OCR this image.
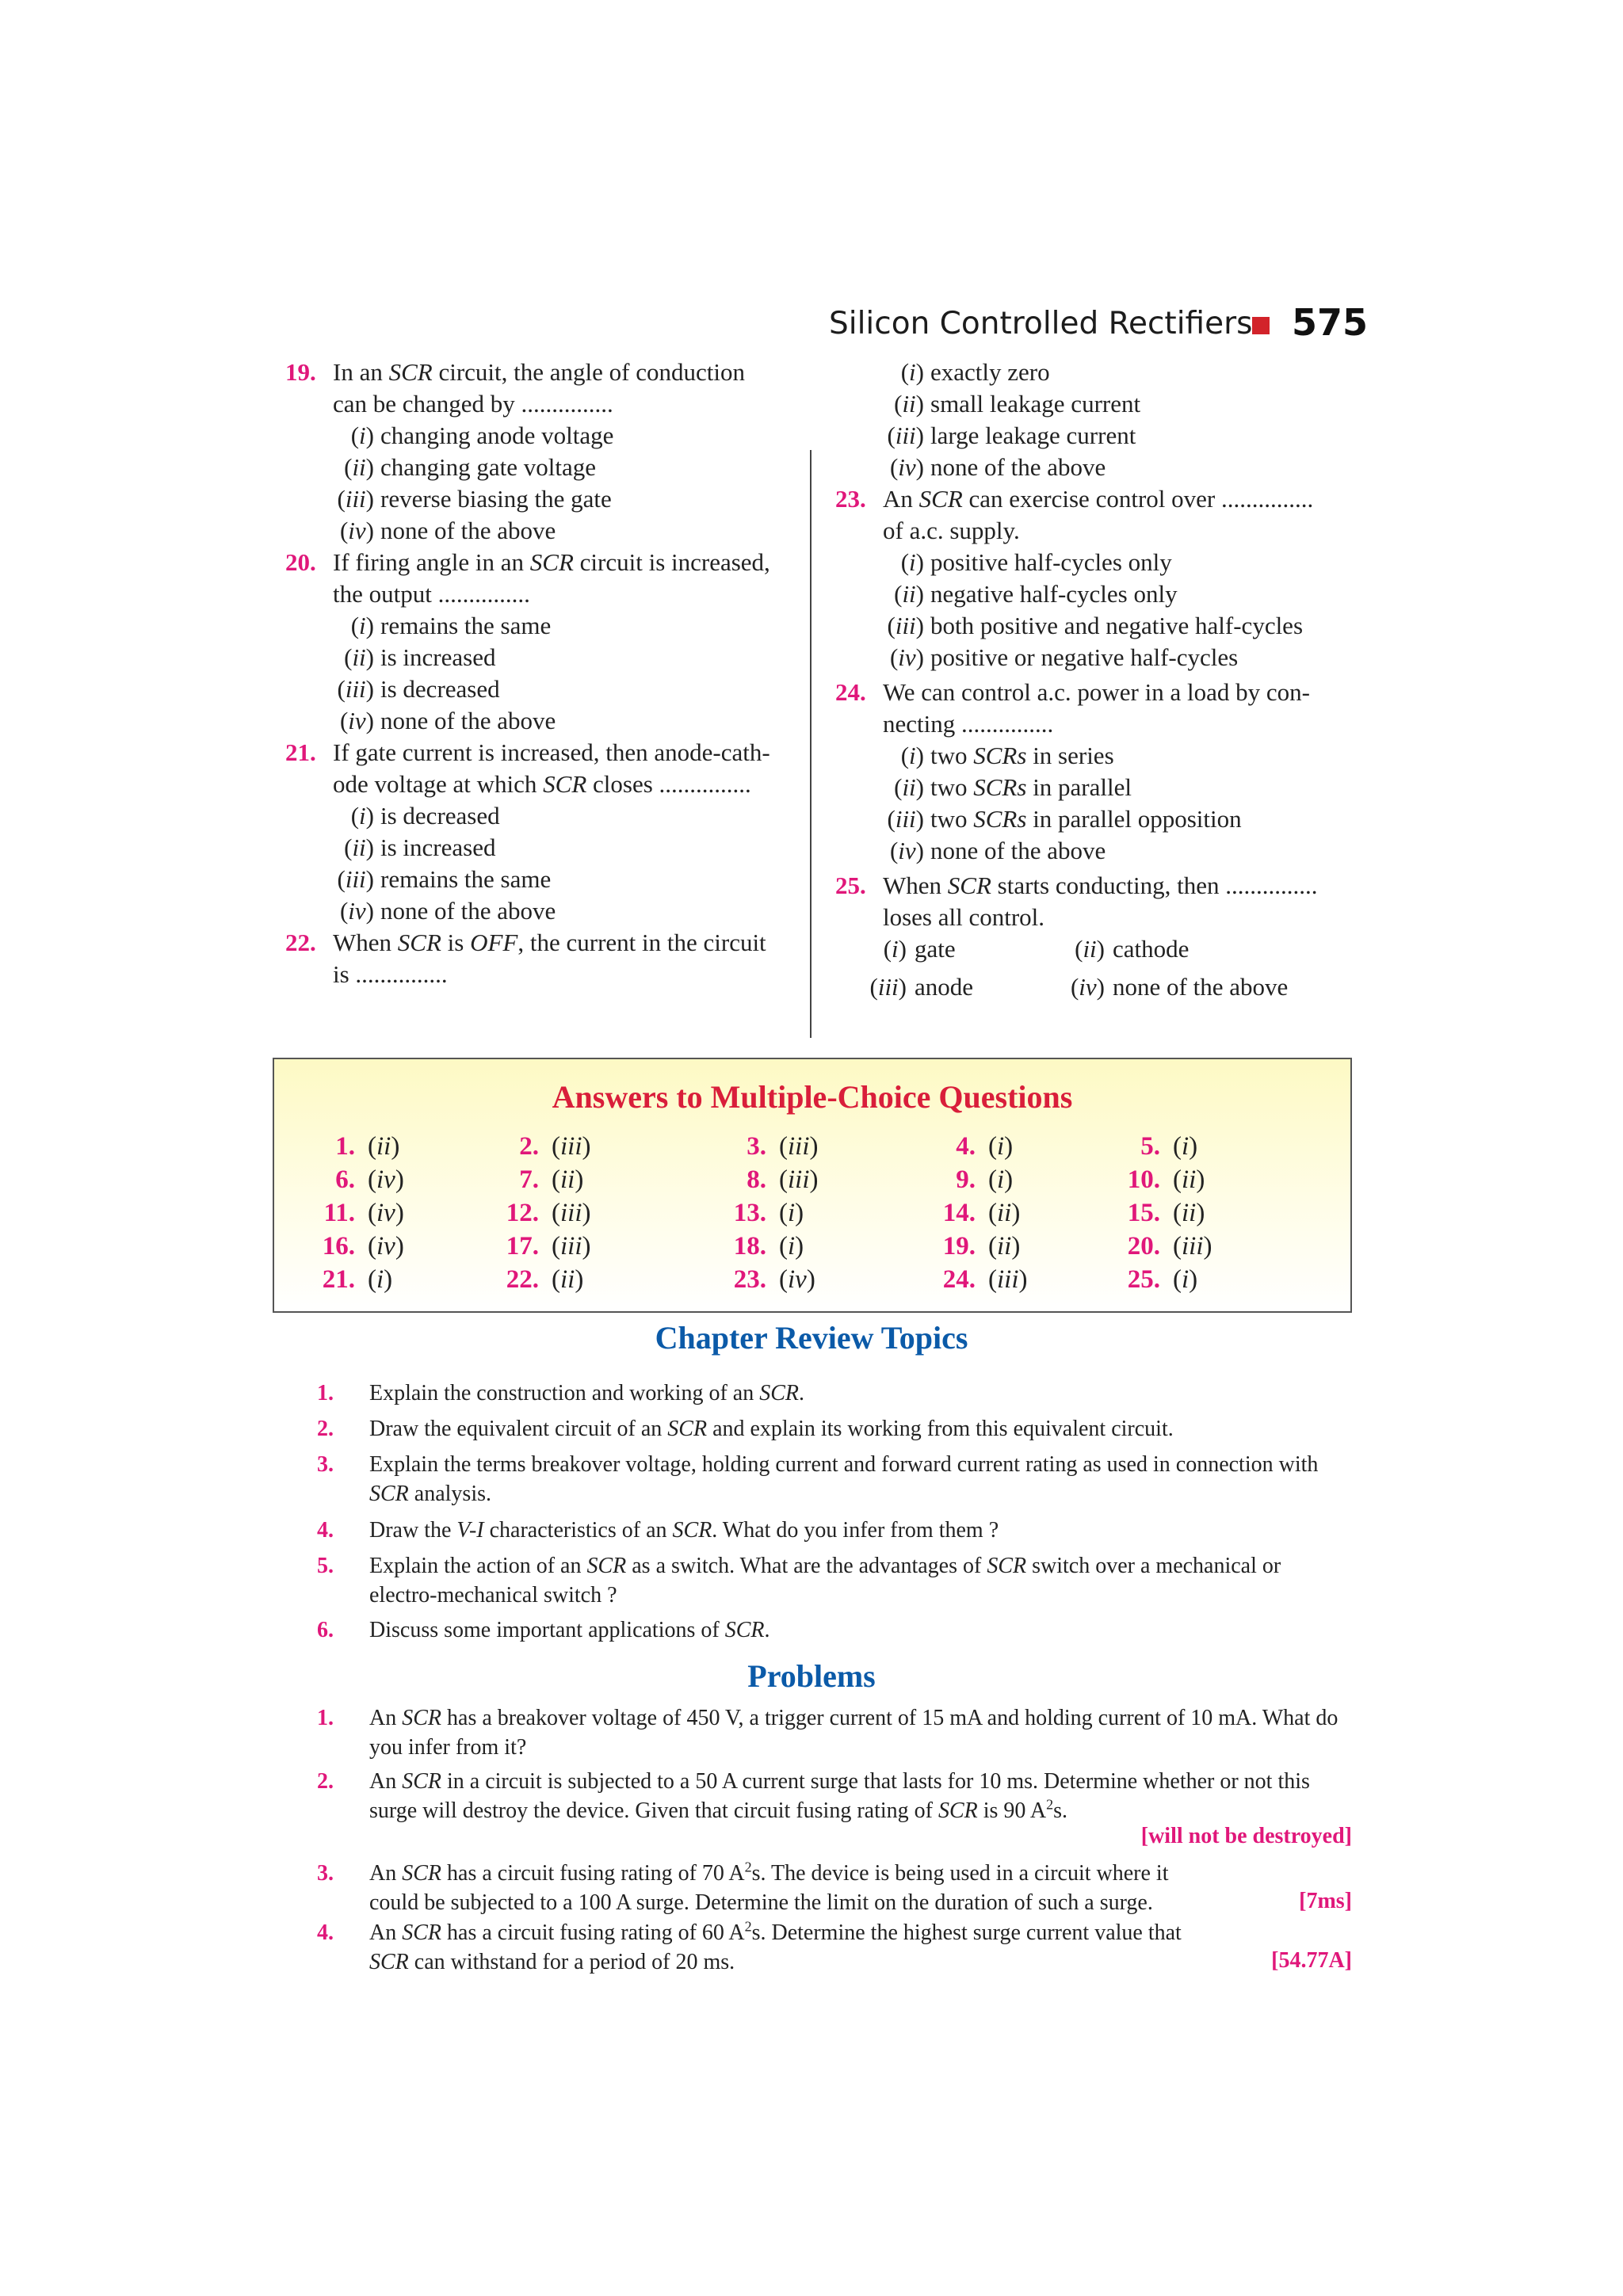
Silicon Controlled Rectifiers 575
19. In an SCR circuit, the angle of conduction
can be changed by ...............
(i) changing anode voltage
(ii) changing gate voltage
(iii) reverse biasing the gate
(iv) none of the above
20. If firing angle in an SCR circuit is increased,
the output ...............
(i) remains the same
(ii) is increased
(iii) is decreased
(iv) none of the above
21. If gate current is increased, then anode-cath-
ode voltage at which SCR closes ...............
(i) is decreased
(ii) is increased
(iii) remains the same
(iv) none of the above
22. When SCR is OFF, the current in the circuit
is ...............
(i) exactly zero
(ii) small leakage current
(iii) large leakage current
(iv) none of the above
23. An SCR can exercise control over ...............
of a.c. supply.
(i) positive half-cycles only
(ii) negative half-cycles only
(iii) both positive and negative half-cycles
(iv) positive or negative half-cycles
24. We can control a.c. power in a load by con-
necting ...............
(i) two SCRs in series
(ii) two SCRs in parallel
(iii) two SCRs in parallel opposition
(iv) none of the above
25. When SCR starts conducting, then ...............
loses all control.
(i) gate	(ii) cathode
(iii) anode	(iv) none of the above
Answers to Multiple-Choice Questions
1. (ii)	2. (iii)	3. (iii)	4. (i)	5. (i)
6. (iv)	7. (ii)	8. (iii)	9. (i)	10. (ii)
11. (iv)	12. (iii)	13. (i)	14. (ii)	15. (ii)
16. (iv)	17. (iii)	18. (i)	19. (ii)	20. (iii)
21. (i)	22. (ii)	23. (iv)	24. (iii)	25. (i)
Chapter Review Topics
1. Explain the construction and working of an SCR.
2. Draw the equivalent circuit of an SCR and explain its working from this equivalent circuit.
3. Explain the terms breakover voltage, holding current and forward current rating as used in connection with SCR analysis.
4. Draw the V-I characteristics of an SCR. What do you infer from them ?
5. Explain the action of an SCR as a switch. What are the advantages of SCR switch over a mechanical or electro-mechanical switch ?
6. Discuss some important applications of SCR.
Problems
1. An SCR has a breakover voltage of 450 V, a trigger current of 15 mA and holding current of 10 mA. What do you infer from it?
2. An SCR in a circuit is subjected to a 50 A current surge that lasts for 10 ms. Determine whether or not this surge will destroy the device. Given that circuit fusing rating of SCR is 90 $A^2s$.
[will not be destroyed]
3. An SCR has a circuit fusing rating of 70 $A^2s$. The device is being used in a circuit where it could be subjected to a 100 A surge. Determine the limit on the duration of such a surge.	[7ms]
4. An SCR has a circuit fusing rating of 60 $A^2s$. Determine the highest surge current value that SCR can withstand for a period of 20 ms.	[54.77A]
